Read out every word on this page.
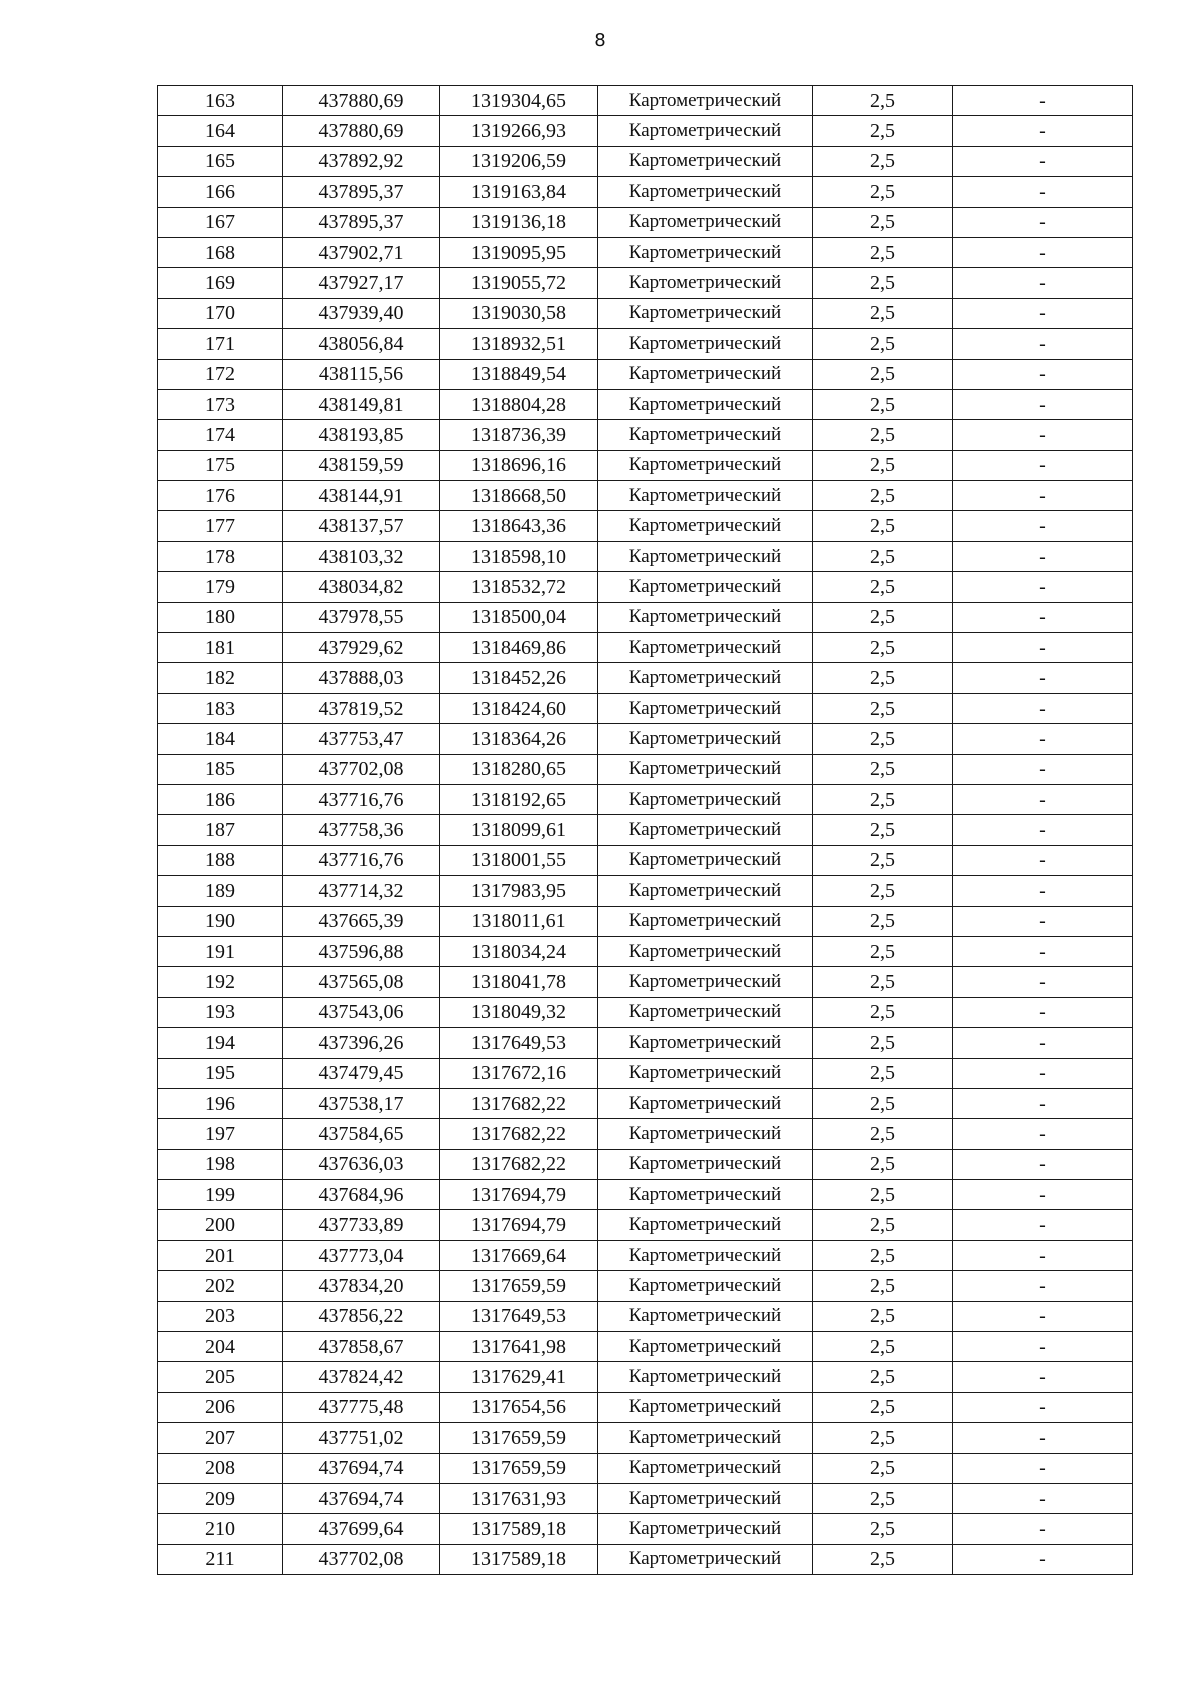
8
163	437880,69	1319304,65	Картометрический	2,5	-
164	437880,69	1319266,93	Картометрический	2,5	-
165	437892,92	1319206,59	Картометрический	2,5	-
166	437895,37	1319163,84	Картометрический	2,5	-
167	437895,37	1319136,18	Картометрический	2,5	-
168	437902,71	1319095,95	Картометрический	2,5	-
169	437927,17	1319055,72	Картометрический	2,5	-
170	437939,40	1319030,58	Картометрический	2,5	-
171	438056,84	1318932,51	Картометрический	2,5	-
172	438115,56	1318849,54	Картометрический	2,5	-
173	438149,81	1318804,28	Картометрический	2,5	-
174	438193,85	1318736,39	Картометрический	2,5	-
175	438159,59	1318696,16	Картометрический	2,5	-
176	438144,91	1318668,50	Картометрический	2,5	-
177	438137,57	1318643,36	Картометрический	2,5	-
178	438103,32	1318598,10	Картометрический	2,5	-
179	438034,82	1318532,72	Картометрический	2,5	-
180	437978,55	1318500,04	Картометрический	2,5	-
181	437929,62	1318469,86	Картометрический	2,5	-
182	437888,03	1318452,26	Картометрический	2,5	-
183	437819,52	1318424,60	Картометрический	2,5	-
184	437753,47	1318364,26	Картометрический	2,5	-
185	437702,08	1318280,65	Картометрический	2,5	-
186	437716,76	1318192,65	Картометрический	2,5	-
187	437758,36	1318099,61	Картометрический	2,5	-
188	437716,76	1318001,55	Картометрический	2,5	-
189	437714,32	1317983,95	Картометрический	2,5	-
190	437665,39	1318011,61	Картометрический	2,5	-
191	437596,88	1318034,24	Картометрический	2,5	-
192	437565,08	1318041,78	Картометрический	2,5	-
193	437543,06	1318049,32	Картометрический	2,5	-
194	437396,26	1317649,53	Картометрический	2,5	-
195	437479,45	1317672,16	Картометрический	2,5	-
196	437538,17	1317682,22	Картометрический	2,5	-
197	437584,65	1317682,22	Картометрический	2,5	-
198	437636,03	1317682,22	Картометрический	2,5	-
199	437684,96	1317694,79	Картометрический	2,5	-
200	437733,89	1317694,79	Картометрический	2,5	-
201	437773,04	1317669,64	Картометрический	2,5	-
202	437834,20	1317659,59	Картометрический	2,5	-
203	437856,22	1317649,53	Картометрический	2,5	-
204	437858,67	1317641,98	Картометрический	2,5	-
205	437824,42	1317629,41	Картометрический	2,5	-
206	437775,48	1317654,56	Картометрический	2,5	-
207	437751,02	1317659,59	Картометрический	2,5	-
208	437694,74	1317659,59	Картометрический	2,5	-
209	437694,74	1317631,93	Картометрический	2,5	-
210	437699,64	1317589,18	Картометрический	2,5	-
211	437702,08	1317589,18	Картометрический	2,5	-
